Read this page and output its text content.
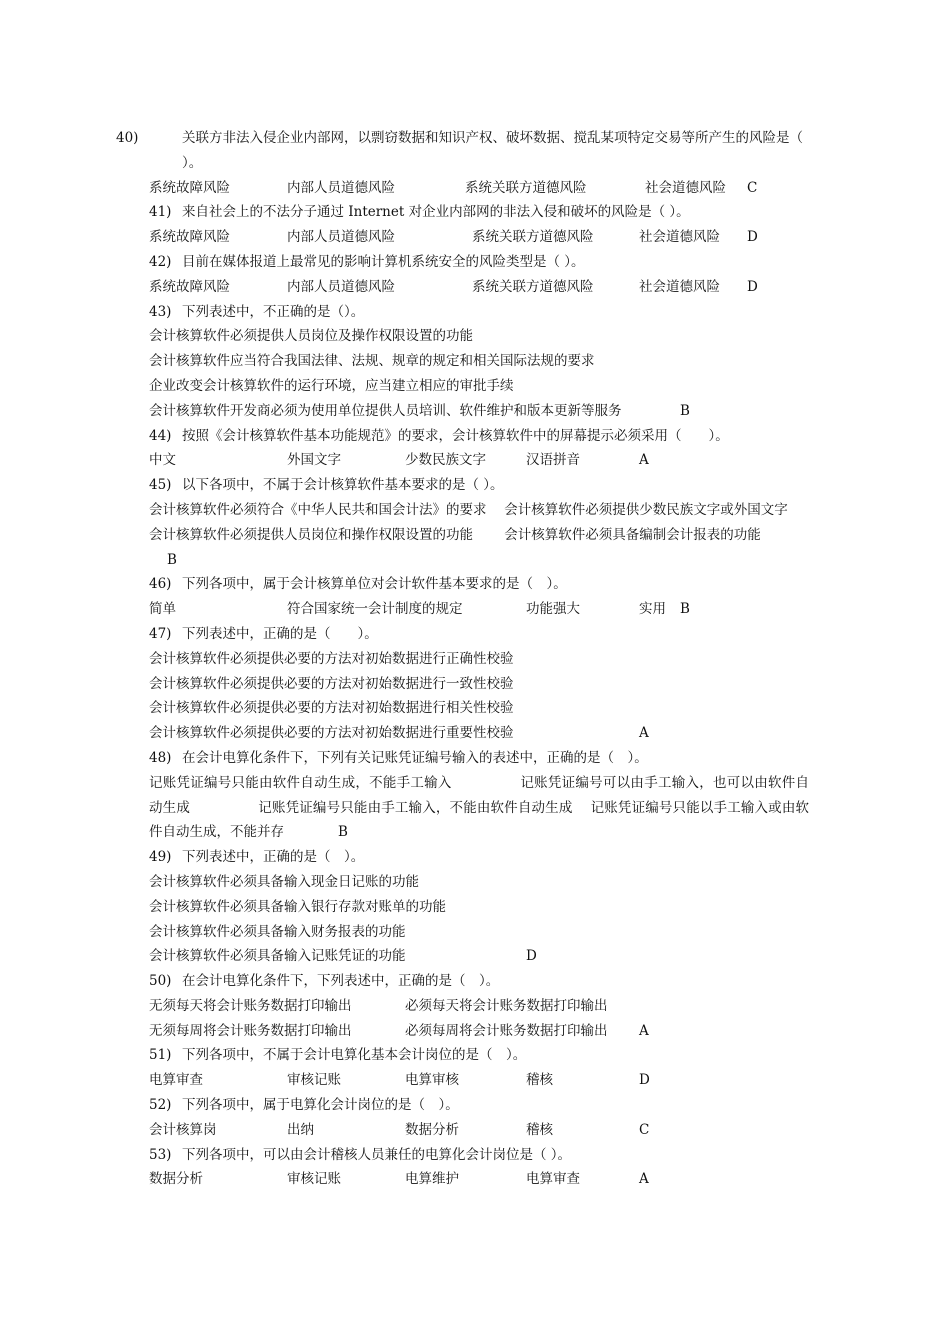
40)	关联方非法入侵企业内部网，以剽窃数据和知识产权、破坏数据、搅乱某项特定交易等所产生的风险是（ ）。
系统故障风险	内部人员道德风险	系统关联方道德风险	社会道德风险 C
41) 来自社会上的不法分子通过 Internet 对企业内部网的非法入侵和破坏的风险是（ ）。
系统故障风险	内部人员道德风险	系统关联方道德风险	社会道德风险 D
42) 目前在媒体报道上最常见的影响计算机系统安全的风险类型是（ ）。
系统故障风险	内部人员道德风险	系统关联方道德风险	社会道德风险 D
43) 下列表述中，不正确的是（）。
会计核算软件必须提供人员岗位及操作权限设置的功能
会计核算软件应当符合我国法律、法规、规章的规定和相关国际法规的要求
企业改变会计核算软件的运行环境，应当建立相应的审批手续
会计核算软件开发商必须为使用单位提供人员培训、软件维护和版本更新等服务	B
44) 按照《会计核算软件基本功能规范》的要求，会计核算软件中的屏幕提示必须采用（　　）。
中文	外国文字	少数民族文字	汉语拼音	A
45) 以下各项中，不属于会计核算软件基本要求的是（ ）。
会计核算软件必须符合《中华人民共和国会计法》的要求　 会计核算软件必须提供少数民族文字或外国文字
会计核算软件必须提供人员岗位和操作权限设置的功能　　 会计核算软件必须具备编制会计报表的功能
B
46) 下列各项中，属于会计核算单位对会计软件基本要求的是（　）。
简单	符合国家统一会计制度的规定	功能强大	实用 B
47) 下列表述中，正确的是（　　）。
会计核算软件必须提供必要的方法对初始数据进行正确性校验
会计核算软件必须提供必要的方法对初始数据进行一致性校验
会计核算软件必须提供必要的方法对初始数据进行相关性校验
会计核算软件必须提供必要的方法对初始数据进行重要性校验	A
48) 在会计电算化条件下，下列有关记账凭证编号输入的表述中，正确的是（　）。
记账凭证编号只能由软件自动生成，不能手工输入　　　　　记账凭证编号可以由手工输入，也可以由软件自动生成　　　　　记账凭证编号只能由手工输入，不能由软件自动生成　 记账凭证编号只能以手工输入或由软件自动生成，不能并存　　　　	B
49) 下列表述中，正确的是（　）。
会计核算软件必须具备输入现金日记账的功能
会计核算软件必须具备输入银行存款对账单的功能
会计核算软件必须具备输入财务报表的功能
会计核算软件必须具备输入记账凭证的功能	D
50) 在会计电算化条件下，下列表述中，正确的是（　）。
无须每天将会计账务数据打印输出	必须每天将会计账务数据打印输出
无须每周将会计账务数据打印输出	必须每周将会计账务数据打印输出 A
51) 下列各项中，不属于会计电算化基本会计岗位的是（　）。
电算审查	审核记账	电算审核	稽核	D
52) 下列各项中，属于电算化会计岗位的是（　）。
会计核算岗	出纳	数据分析	稽核	C
53) 下列各项中，可以由会计稽核人员兼任的电算化会计岗位是（ ）。
数据分析	审核记账	电算维护	电算审查	A
